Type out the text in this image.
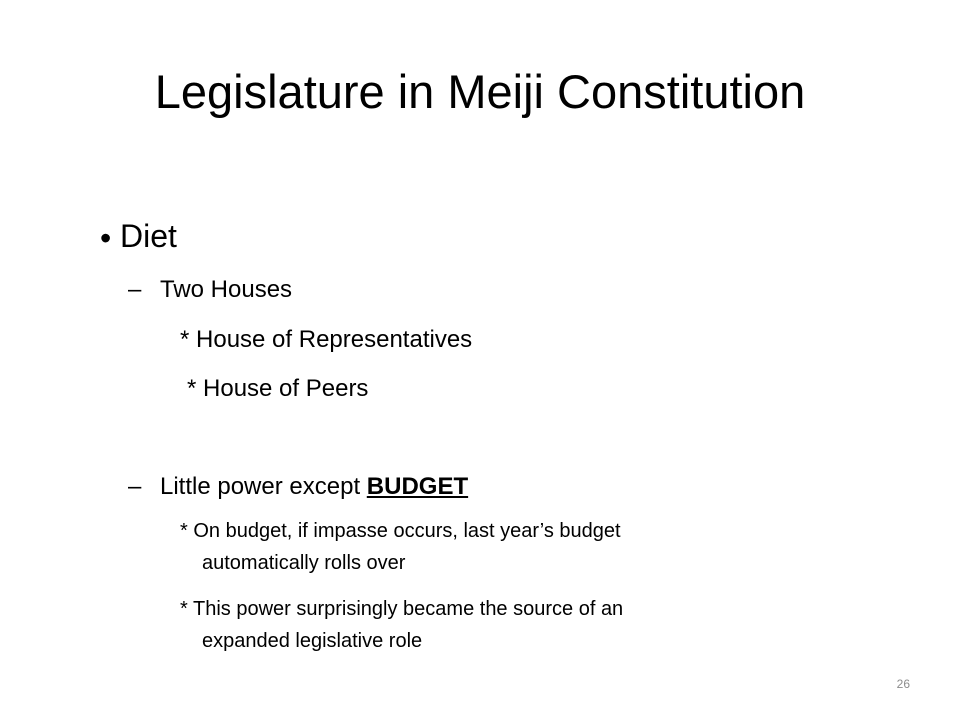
Legislature in Meiji Constitution
• Diet
– Two Houses
* House of Representatives
* House of Peers
– Little power except BUDGET
* On budget, if impasse occurs, last year’s budget
automatically rolls over
* This power surprisingly became the source of an
expanded legislative role
26
